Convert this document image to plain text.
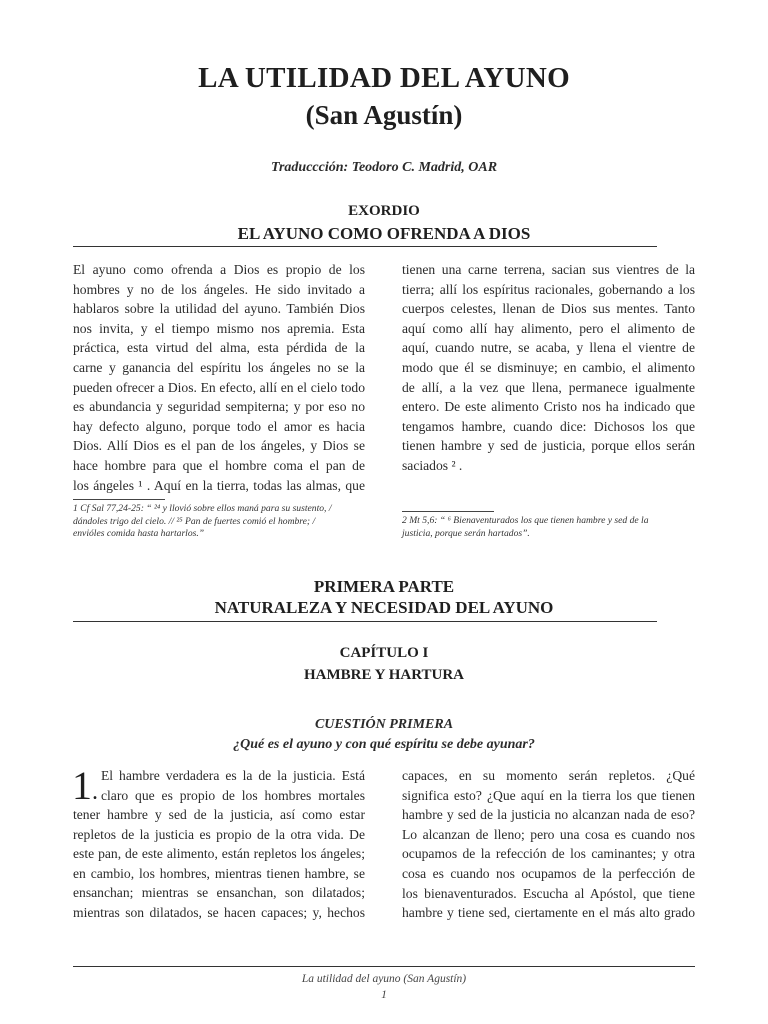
LA UTILIDAD DEL AYUNO
(San Agustín)
Traduccción: Teodoro C. Madrid, OAR
EXORDIO
EL AYUNO COMO OFRENDA A DIOS
El ayuno como ofrenda a Dios es propio de los
hombres y no de los ángeles. He sido invitado a
hablaros sobre la utilidad del ayuno. También Dios
nos invita, y el tiempo mismo nos apremia. Esta
práctica, esta virtud del alma, esta pérdida de la
carne y ganancia del espíritu los ángeles no se la
pueden ofrecer a Dios. En efecto, allí en el cielo todo
es abundancia y seguridad sempiterna; y por eso no
hay defecto alguno, porque todo el amor es hacia
Dios. Allí Dios es el pan de los ángeles, y Dios se
hace hombre para que el hombre coma el pan de
los ángeles ¹ . Aquí en la tierra, todas las almas, que
tienen una carne terrena, sacian sus vientres de la
tierra; allí los espíritus racionales, gobernando a los
cuerpos celestes, llenan de Dios sus mentes. Tanto
aquí como allí hay alimento, pero el alimento de
aquí, cuando nutre, se acaba, y llena el vientre de
modo que él se disminuye; en cambio, el alimento
de allí, a la vez que llena, permanece igualmente
entero. De este alimento Cristo nos ha indicado que
tengamos hambre, cuando dice: Dichosos los que
tienen hambre y sed de justicia, porque ellos serán
saciados ² .
1 Cf Sal 77,24-25: “ ²⁴ y llovió sobre ellos maná para su sustento, /
dándoles trigo del cielo. // ²⁵ Pan de fuertes comió el hombre; /
envióles comida hasta hartarlos.”
2 Mt 5,6: “ ⁶ Bienaventurados los que tienen hambre y sed de la
justicia, porque serán hartados”.
PRIMERA PARTE
NATURALEZA Y NECESIDAD DEL AYUNO
CAPÍTULO I
HAMBRE Y HARTURA
CUESTIÓN PRIMERA
¿Qué es el ayuno y con qué espíritu se debe ayunar?
1 .
El hambre verdadera es la de la justicia. Está
claro que es propio de los hombres mortales
tener hambre y sed de la justicia, así como estar
repletos de la justicia es propio de la otra vida. De
este pan, de este alimento, están repletos los ángeles;
en cambio, los hombres, mientras tienen hambre, se
ensanchan; mientras se ensanchan, son dilatados;
mientras son dilatados, se hacen capaces; y, hechos
capaces, en su momento serán repletos. ¿Qué
significa esto? ¿Que aquí en la tierra los que tienen
hambre y sed de la justicia no alcanzan nada de eso?
Lo alcanzan de lleno; pero una cosa es cuando nos
ocupamos de la refección de los caminantes; y otra
cosa es cuando nos ocupamos de la perfección de
los bienaventurados. Escucha al Apóstol, que tiene
hambre y tiene sed, ciertamente en el más alto grado
La utilidad del ayuno (San Agustín)
1
